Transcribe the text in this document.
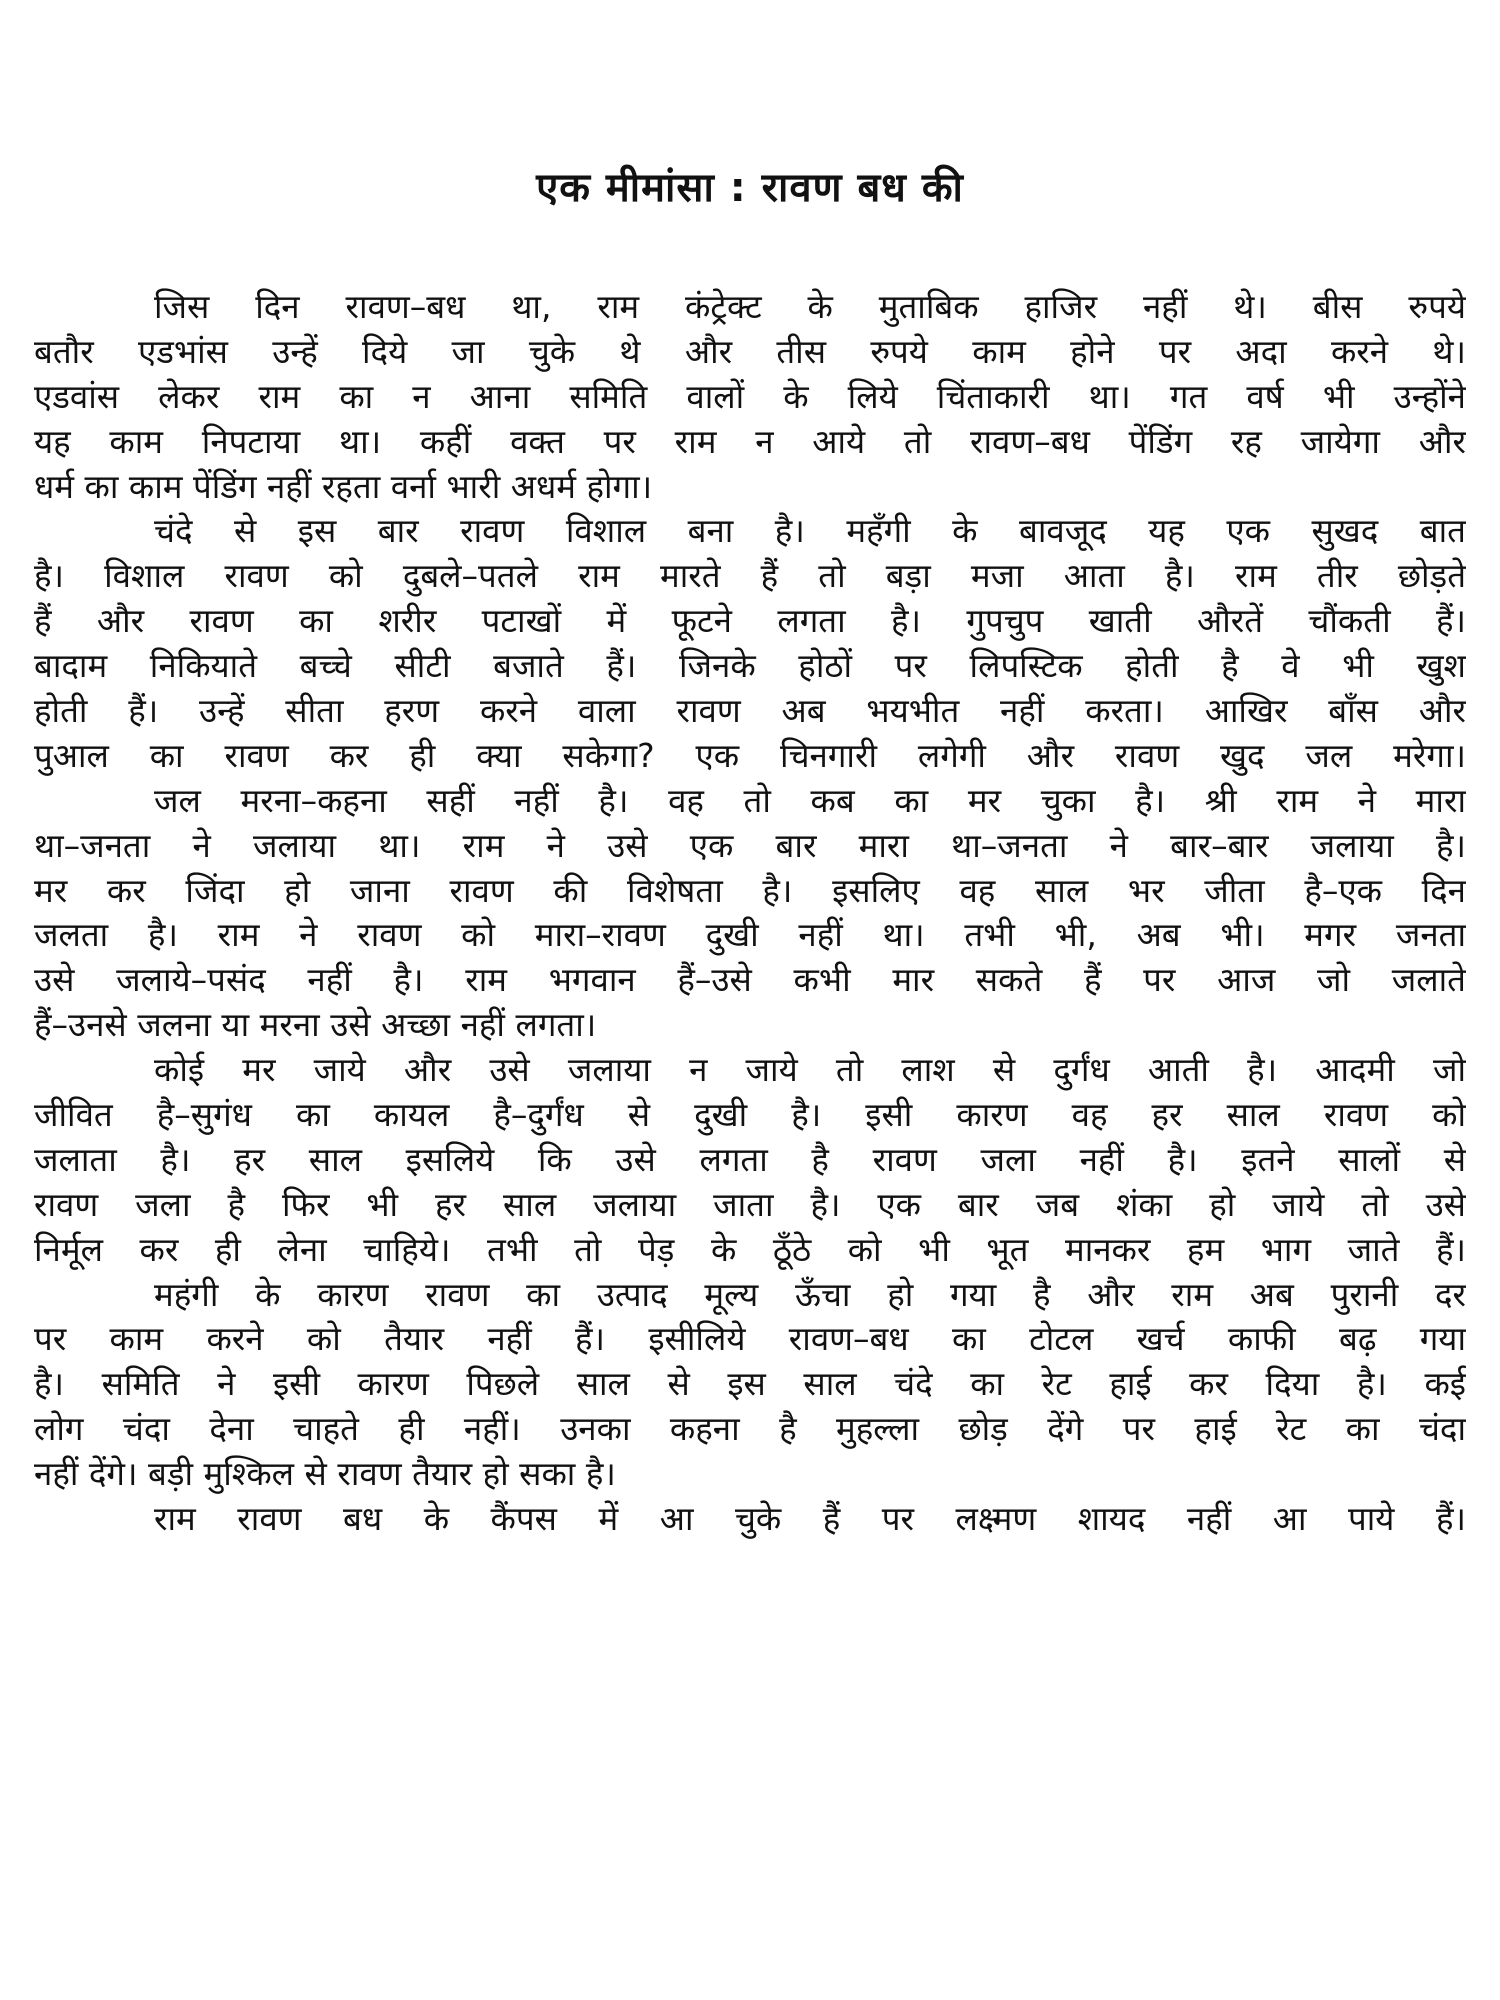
एक मीमांसा : रावण बध की
जिस दिन रावण–बध था, राम कंट्रेक्ट के मुताबिक हाजिर नहीं थे। बीस रुपये
बतौर एडभांस उन्हें दिये जा चुके थे और तीस रुपये काम होने पर अदा करने थे।
एडवांस लेकर राम का न आना समिति वालों के लिये चिंताकारी था। गत वर्ष भी उन्होंने
यह काम निपटाया था। कहीं वक्त पर राम न आये तो रावण–बध पेंडिंग रह जायेगा और
धर्म का काम पेंडिंग नहीं रहता वर्ना भारी अधर्म होगा।
चंदे से इस बार रावण विशाल बना है। महँगी के बावजूद यह एक सुखद बात
है। विशाल रावण को दुबले–पतले राम मारते हैं तो बड़ा मजा आता है। राम तीर छोड़ते
हैं और रावण का शरीर पटाखों में फूटने लगता है। गुपचुप खाती औरतें चौंकती हैं।
बादाम निकियाते बच्चे सीटी बजाते हैं। जिनके होठों पर लिपस्टिक होती है वे भी खुश
होती हैं। उन्हें सीता हरण करने वाला रावण अब भयभीत नहीं करता। आखिर बाँस और
पुआल का रावण कर ही क्या सकेगा? एक चिनगारी लगेगी और रावण खुद जल मरेगा।
जल मरना–कहना सहीं नहीं है। वह तो कब का मर चुका है। श्री राम ने मारा
था–जनता ने जलाया था। राम ने उसे एक बार मारा था–जनता ने बार–बार जलाया है।
मर कर जिंदा हो जाना रावण की विशेषता है। इसलिए वह साल भर जीता है–एक दिन
जलता है। राम ने रावण को मारा–रावण दुखी नहीं था। तभी भी, अब भी। मगर जनता
उसे जलाये–पसंद नहीं है। राम भगवान हैं–उसे कभी मार सकते हैं पर आज जो जलाते
हैं–उनसे जलना या मरना उसे अच्छा नहीं लगता।
कोई मर जाये और उसे जलाया न जाये तो लाश से दुर्गंध आती है। आदमी जो
जीवित है–सुगंध का कायल है–दुर्गंध से दुखी है। इसी कारण वह हर साल रावण को
जलाता है। हर साल इसलिये कि उसे लगता है रावण जला नहीं है। इतने सालों से
रावण जला है फिर भी हर साल जलाया जाता है। एक बार जब शंका हो जाये तो उसे
निर्मूल कर ही लेना चाहिये। तभी तो पेड़ के ठूँठे को भी भूत मानकर हम भाग जाते हैं।
महंगी के कारण रावण का उत्पाद मूल्य ऊँचा हो गया है और राम अब पुरानी दर
पर काम करने को तैयार नहीं हैं। इसीलिये रावण–बध का टोटल खर्च काफी बढ़ गया
है। समिति ने इसी कारण पिछले साल से इस साल चंदे का रेट हाई कर दिया है। कई
लोग चंदा देना चाहते ही नहीं। उनका कहना है मुहल्ला छोड़ देंगे पर हाई रेट का चंदा
नहीं देंगे। बड़ी मुश्किल से रावण तैयार हो सका है।
राम रावण बध के कैंपस में आ चुके हैं पर लक्ष्मण शायद नहीं आ पाये हैं।
